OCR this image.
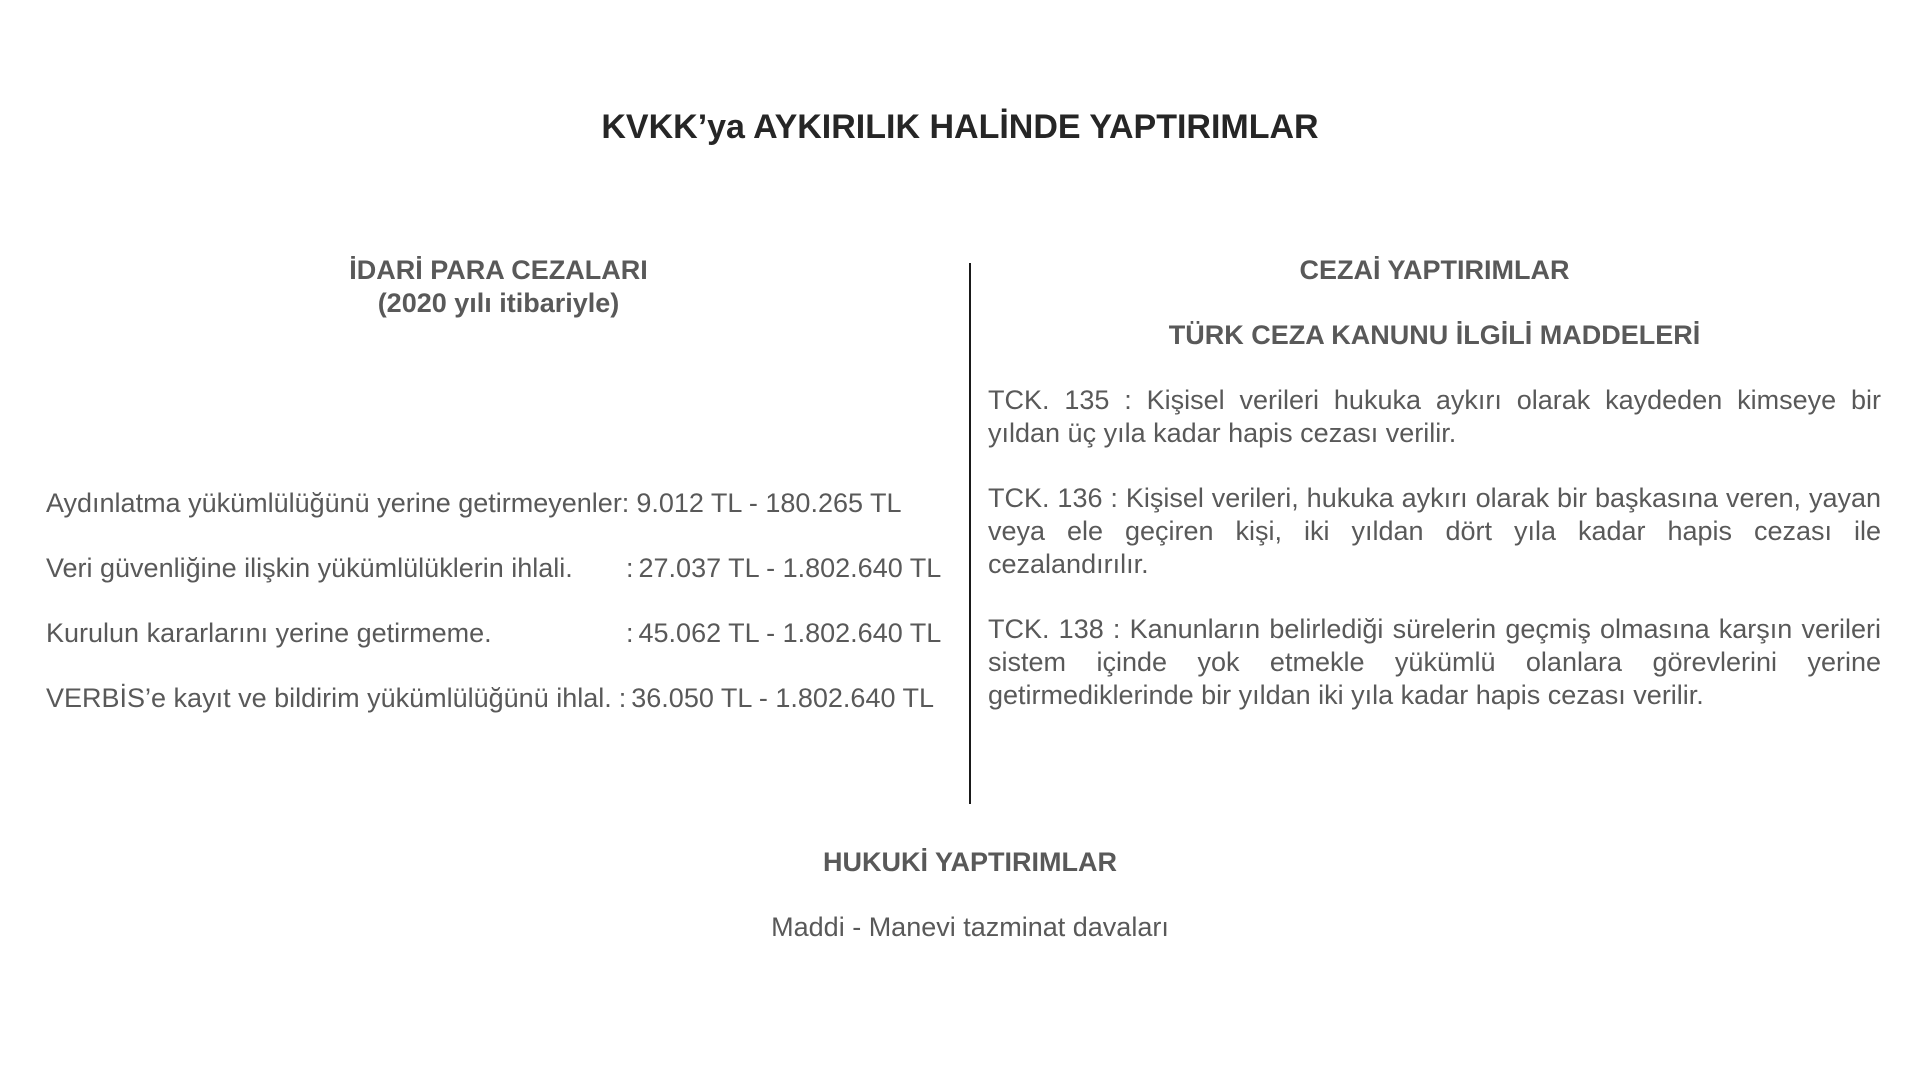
KVKK’ya AYKIRILIK HALİNDE YAPTIRIMLAR
İDARİ PARA CEZALARI
(2020 yılı itibariyle)
Aydınlatma yükümlülüğünü yerine getirmeyenler: 9.012 TL - 180.265 TL
Veri güvenliğine ilişkin yükümlülüklerin ihlali.	: 27.037 TL - 1.802.640 TL
Kurulun kararlarını yerine getirmeme.	: 45.062 TL - 1.802.640 TL
VERBİS’e kayıt ve bildirim yükümlülüğünü ihlal. : 36.050 TL - 1.802.640 TL
CEZAİ YAPTIRIMLAR
TÜRK CEZA KANUNU İLGİLİ MADDELERİ

TCK. 135 : Kişisel verileri hukuka aykırı olarak kaydeden kimseye bir yıldan üç yıla kadar hapis cezası verilir.

TCK. 136 : Kişisel verileri, hukuka aykırı olarak bir başkasına veren, yayan veya ele geçiren kişi, iki yıldan dört yıla kadar hapis cezası ile cezalandırılır.

TCK. 138 : Kanunların belirlediği sürelerin geçmiş olmasına karşın verileri sistem içinde yok etmekle yükümlü olanlara görevlerini yerine getirmediklerinde bir yıldan iki yıla kadar hapis cezası verilir.

HUKUKİ YAPTIRIMLAR
Maddi - Manevi tazminat davaları
